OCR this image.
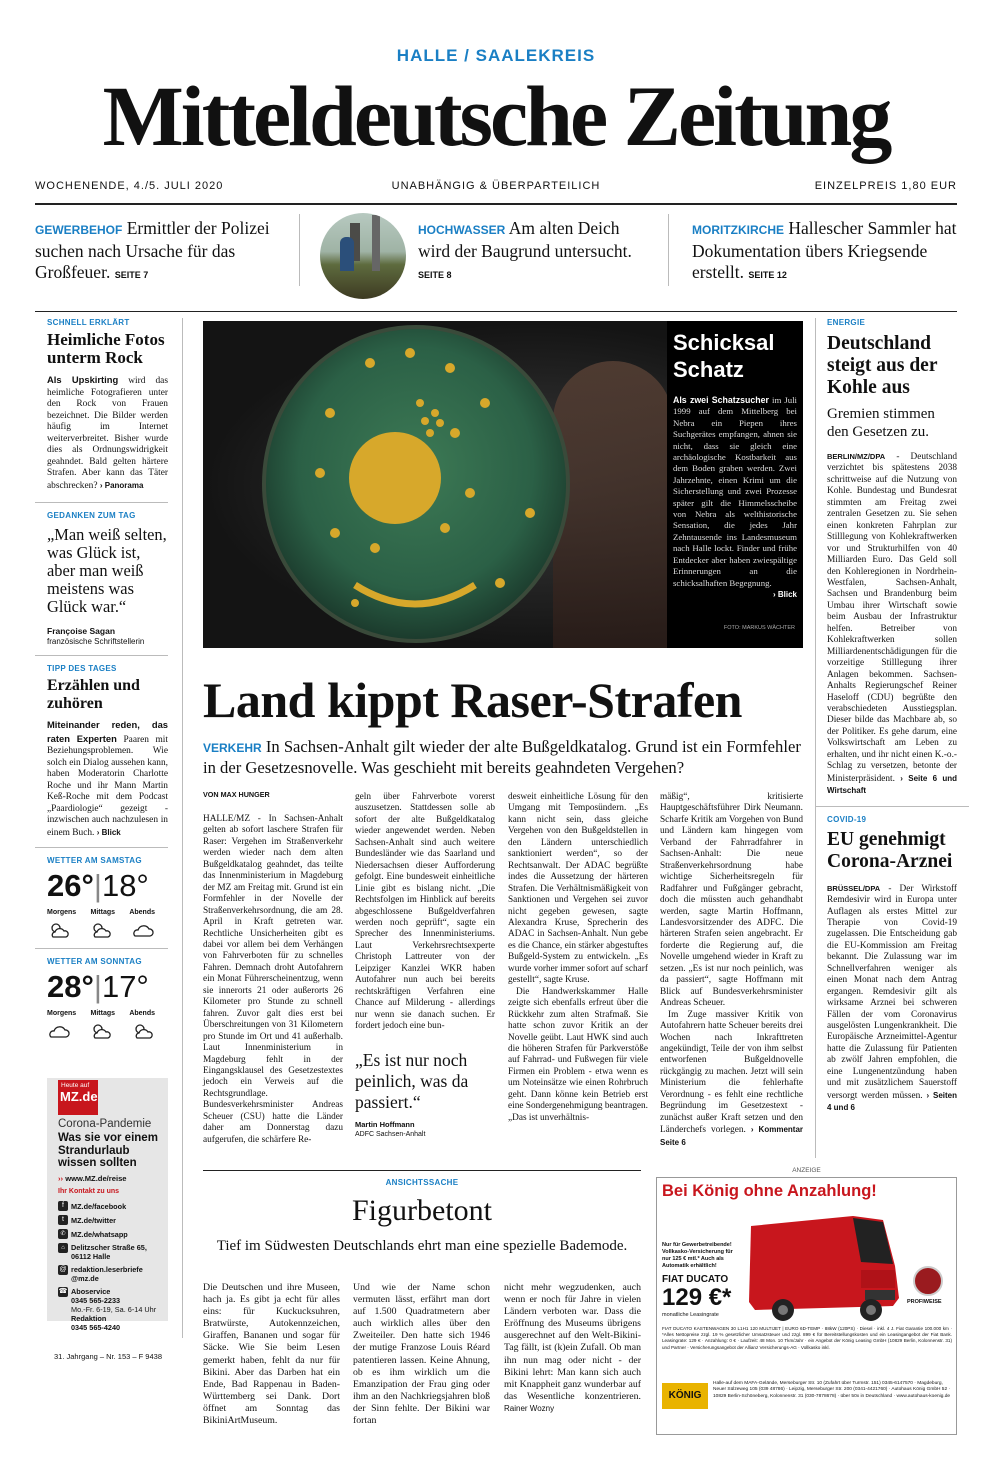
HALLE / SAALEKREIS
Mitteldeutsche Zeitung
WOCHENENDE, 4./5. JULI 2020	UNABHÄNGIG & ÜBERPARTEILICH	EINZELPREIS 1,80 EUR
GEWERBEHOF Ermittler der Polizei suchen nach Ursache für das Großfeuer. SEITE 7
HOCHWASSER Am alten Deich wird der Baugrund untersucht. SEITE 8
MORITZKIRCHE Hallescher Sammler hat Dokumentation übers Kriegsende erstellt. SEITE 12
SCHNELL ERKLÄRT
Heimliche Fotos unterm Rock
Als Upskirting wird das heimliche Fotografieren unter den Rock von Frauen bezeichnet. Die Bilder werden häufig im Internet weiterverbreitet. Bisher wurde dies als Ordnungswidrigkeit geahndet. Bald gelten härtere Strafen. Aber kann das Täter abschrecken? › Panorama
GEDANKEN ZUM TAG
„Man weiß selten, was Glück ist, aber man weiß meistens was Glück war.“
Françoise Sagan
französische Schriftstellerin
TIPP DES TAGES
Erzählen und zuhören
Miteinander reden, das raten Experten Paaren mit Beziehungsproblemen. Wie solch ein Dialog aussehen kann, haben Moderatorin Charlotte Roche und ihr Mann Martin Keß-Roche mit dem Podcast „Paardiologie“ gezeigt - inzwischen auch nachzulesen in einem Buch. › Blick
WETTER AM SAMSTAG
26°|18°
Morgens Mittags Abends
WETTER AM SONNTAG
28°|17°
Morgens Mittags Abends
Heute auf
MZ.de
Corona-Pandemie
Was sie vor einem Strandurlaub wissen sollten
›› www.MZ.de/reise
Ihr Kontakt zu uns
f MZ.de/facebook
t MZ.de/twitter
✆ MZ.de/whatsapp
⌂ Delitzscher Straße 65, 06112 Halle
@ redaktion.leserbriefe @mz.de
☎ Aboservice
0345 565-2233
Mo.-Fr. 6-19, Sa. 6-14 Uhr
Redaktion
0345 565-4240
31. Jahrgang – Nr. 153 – F 9438
Schicksal Schatz
Als zwei Schatzsucher im Juli 1999 auf dem Mittelberg bei Nebra ein Piepen ihres Suchgerätes empfangen, ahnen sie nicht, dass sie gleich eine archäologische Kostbarkeit aus dem Boden graben werden. Zwei Jahrzehnte, einen Krimi um die Sicherstellung und zwei Prozesse später gilt die Himmelsscheibe von Nebra als welthistorische Sensation, die jedes Jahr Zehntausende ins Landesmuseum nach Halle lockt. Finder und frühe Entdecker aber haben zwiespältige Erinnerungen an die schicksalhaften Begegnung.
› Blick
FOTO: MARKUS WÄCHTER
Land kippt Raser-Strafen
VERKEHR In Sachsen-Anhalt gilt wieder der alte Bußgeldkatalog. Grund ist ein Formfehler in der Gesetzesnovelle. Was geschieht mit bereits geahndeten Vergehen?
VON MAX HUNGER
HALLE/MZ - In Sachsen-Anhalt gelten ab sofort laschere Strafen für Raser: Vergehen im Straßenverkehr werden wieder nach dem alten Bußgeldkatalog geahndet, das teilte das Innenministerium in Magdeburg der MZ am Freitag mit. Grund ist ein Formfehler in der Novelle der Straßenverkehrsordnung, die am 28. April in Kraft getreten war. Rechtliche Unsicherheiten gibt es dabei vor allem bei dem Verhängen von Fahrverboten für zu schnelles Fahren. Demnach droht Autofahrern ein Monat Führerscheinentzug, wenn sie innerorts 21 oder außerorts 26 Kilometer pro Stunde zu schnell fahren. Zuvor galt dies erst bei Überschreitungen von 31 Kilometern pro Stunde im Ort und 41 außerhalb. Laut Innenministerium in Magdeburg fehlt in der Eingangsklausel des Gesetzestextes jedoch ein Verweis auf die Rechtsgrundlage. Bundesverkehrsminister Andreas Scheuer (CSU) hatte die Länder daher am Donnerstag dazu aufgerufen, die schärfere Re-
geln über Fahrverbote vorerst auszusetzen. Stattdessen solle ab sofort der alte Bußgeldkatalog wieder angewendet werden. Neben Sachsen-Anhalt sind auch weitere Bundesländer wie das Saarland und Niedersachsen dieser Aufforderung gefolgt. Eine bundesweit einheitliche Linie gibt es bislang nicht. „Die Rechtsfolgen im Hinblick auf bereits abgeschlossene Bußgeldverfahren werden noch geprüft“, sagte ein Sprecher des Innenministeriums. Laut Verkehrsrechtsexperte Christoph Lattreuter von der Leipziger Kanzlei WKR haben Autofahrer nun auch bei bereits rechtskräftigen Verfahren eine Chance auf Milderung - allerdings nur wenn sie danach suchen. Er fordert jedoch eine bun-
„Es ist nur noch peinlich, was da passiert.“
Martin Hoffmann
ADFC Sachsen-Anhalt
desweit einheitliche Lösung für den Umgang mit Temposündern. „Es kann nicht sein, dass gleiche Vergehen von den Bußgeldstellen in den Ländern unterschiedlich sanktioniert werden“, so der Rechtsanwalt. Der ADAC begrüßte indes die Aussetzung der härteren Strafen. Die Verhältnismäßigkeit von Sanktionen und Vergehen sei zuvor nicht gegeben gewesen, sagte Alexandra Kruse, Sprecherin des ADAC in Sachsen-Anhalt. Nun gebe es die Chance, ein stärker abgestuftes Bußgeld-System zu entwickeln. „Es wurde vorher immer sofort auf scharf gestellt“, sagte Kruse.
Die Handwerkskammer Halle zeigte sich ebenfalls erfreut über die Rückkehr zum alten Strafmaß. Sie hatte schon zuvor Kritik an der Novelle geübt. Laut HWK sind auch die höheren Strafen für Parkverstöße auf Fahrrad- und Fußwegen für viele Firmen ein Problem - etwa wenn es um Noteinsätze wie einen Rohrbruch geht. Dann könne kein Betrieb erst eine Sondergenehmigung beantragen. „Das ist unverhältnis-
mäßig“, kritisierte Hauptgeschäftsführer Dirk Neumann. Scharfe Kritik am Vorgehen von Bund und Ländern kam hingegen vom Verband der Fahrradfahrer in Sachsen-Anhalt: Die neue Straßenverkehrsordnung habe wichtige Sicherheitsregeln für Radfahrer und Fußgänger gebracht, doch die müssten auch gehandhabt werden, sagte Martin Hoffmann, Landesvorsitzender des ADFC. Die härteren Strafen seien angebracht. Er forderte die Regierung auf, die Novelle umgehend wieder in Kraft zu setzen. „Es ist nur noch peinlich, was da passiert“, sagte Hoffmann mit Blick auf Bundesverkehrsminister Andreas Scheuer.
Im Zuge massiver Kritik von Autofahrern hatte Scheuer bereits drei Wochen nach Inkrafttreten angekündigt, Teile der von ihm selbst entworfenen Bußgeldnovelle rückgängig zu machen. Jetzt will sein Ministerium die fehlerhafte Verordnung - es fehlt eine rechtliche Begründung im Gesetzestext - zunächst außer Kraft setzen und den Länderchefs vorlegen. › Kommentar Seite 6
ENERGIE
Deutschland steigt aus der Kohle aus
Gremien stimmen den Gesetzen zu.
BERLIN/MZ/DPA - Deutschland verzichtet bis spätestens 2038 schrittweise auf die Nutzung von Kohle. Bundestag und Bundesrat stimmten am Freitag zwei zentralen Gesetzen zu. Sie sehen einen konkreten Fahrplan zur Stilllegung von Kohlekraftwerken vor und Strukturhilfen von 40 Milliarden Euro. Das Geld soll den Kohleregionen in Nordrhein-Westfalen, Sachsen-Anhalt, Sachsen und Brandenburg beim Umbau ihrer Wirtschaft sowie beim Ausbau der Infrastruktur helfen. Betreiber von Kohlekraftwerken sollen Milliardenentschädigungen für die vorzeitige Stilllegung ihrer Anlagen bekommen. Sachsen-Anhalts Regierungschef Reiner Haseloff (CDU) begrüßte den verabschiedeten Ausstiegsplan. Dieser bilde das Machbare ab, so der Politiker. Es gehe darum, eine Volkswirtschaft am Leben zu erhalten, und ihr nicht einen K.-o.-Schlag zu versetzen, betonte der Ministerpräsident. › Seite 6 und Wirtschaft
COVID-19
EU genehmigt Corona-Arznei
BRÜSSEL/DPA - Der Wirkstoff Remdesivir wird in Europa unter Auflagen als erstes Mittel zur Therapie von Covid-19 zugelassen. Die Entscheidung gab die EU-Kommission am Freitag bekannt. Die Zulassung war im Schnellverfahren weniger als einen Monat nach dem Antrag ergangen. Remdesivir gilt als wirksame Arznei bei schweren Fällen der vom Coronavirus ausgelösten Lungenkrankheit. Die Europäische Arzneimittel-Agentur hatte die Zulassung für Patienten ab zwölf Jahren empfohlen, die eine Lungenentzündung haben und mit zusätzlichem Sauerstoff versorgt werden müssen. › Seiten 4 und 6
ANSICHTSSACHE
Figurbetont
Tief im Südwesten Deutschlands ehrt man eine spezielle Bademode.
Die Deutschen und ihre Museen, hach ja. Es gibt ja echt für alles eins: für Kuckucksuhren, Bratwürste, Autokennzeichen, Giraffen, Bananen und sogar für Säcke. Wie Sie beim Lesen gemerkt haben, fehlt da nur für Bikini. Aber das Darben hat ein Ende, Bad Rappenau in Baden-Württemberg sei Dank. Dort öffnet am Sonntag das BikiniArtMuseum.
Und wie der Name schon vermuten lässt, erfährt man dort auf 1.500 Quadratmetern aber auch wirklich alles über den Zweiteiler. Den hatte sich 1946 der mutige Franzose Louis Réard patentieren lassen. Keine Ahnung, ob es ihm wirklich um die Emanzipation der Frau ging oder ihm an den Nachkriegsjahren bloß der Sinn fehlte. Der Bikini war fortan
nicht mehr wegzudenken, auch wenn er noch für Jahre in vielen Ländern verboten war. Dass die Eröffnung des Museums übrigens ausgerechnet auf den Welt-Bikini-Tag fällt, ist (k)ein Zufall. Ob man ihn nun mag oder nicht - der Bikini lehrt: Man kann sich auch mit Knappheit ganz wunderbar auf das Wesentliche konzentrieren. Rainer Wozny
ANZEIGE
Bei König ohne Anzahlung!
Nur für Gewerbetreibende! Vollkasko-Versicherung für nur 125 € mtl.* Auch als Automatik erhältlich!
FIAT DUCATO
129 €*
monatliche Leasingrate
PROFIWEISE
FIAT DUCATO KASTENWAGEN 30 L1H1 120 MULTIJET | EURO 6D-TEMP · 88kW (120PS) · Diesel · inkl. 4 J. Fiat Garantie 100.000 km · *Alles Nettopreise zzgl. 19 % gesetzlicher Umsatzsteuer und zzgl. 899 € für Bereitstellungskosten und ein Leasingangebot der Fiat Bank. Leasingrate: 129 € · Anzahlung: 0 € · Laufzeit: 48 Mon. 10 Tkm/Jahr · ein Angebot der König Leasing GmbH (10829 Berlin, Kolonnenstr. 31) und Partner · Versicherungsangebot der Allianz Versicherungs-AG · Vollkasko inkl.
KÖNIG
Halle-auf dem MAFA-Gelände, Merseburger Str. 10 (Zufahrt über Turmstr. 151) 0345-6147570 · Magdeburg, Neuer Sülzeweg 105 (039 48786) · Leipzig, Merseburger Str. 200 (0341-4421760) · Autohaus König GmbH 52 · 10829 Berlin-Schöneberg, Kolonnenstr. 31 (030-7878678) · über 50x in Deutschland · www.autohaus-koenig.de
